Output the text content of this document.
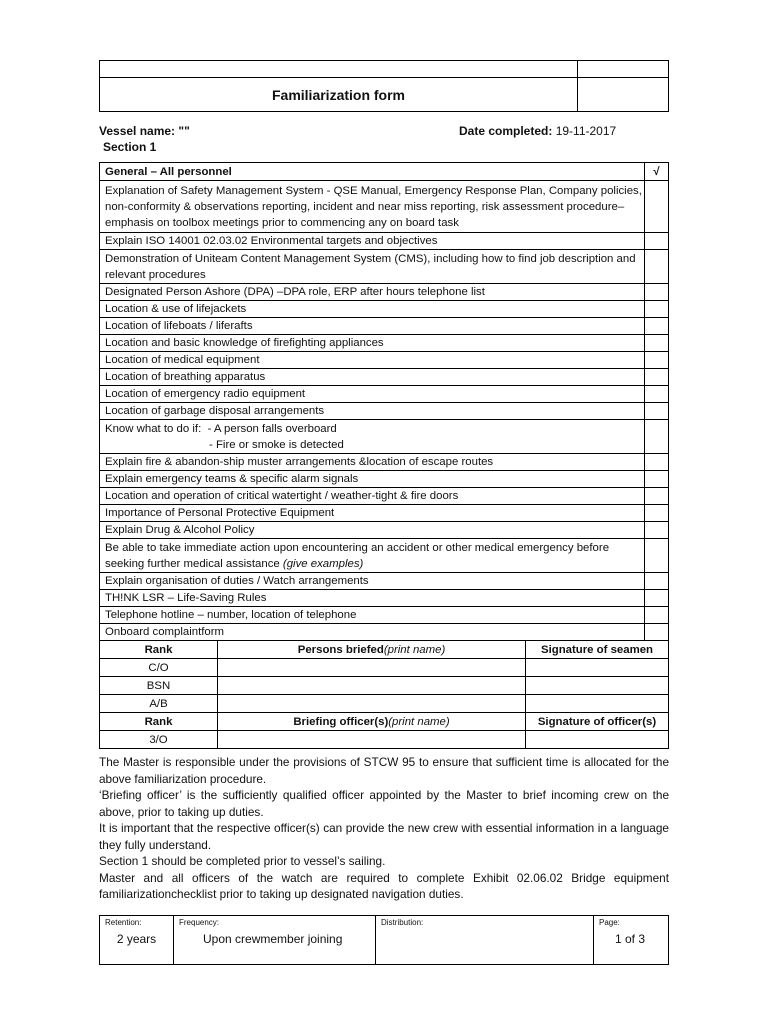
Familiarization form	
Vessel name: ""	Date completed: 19-11-2017
Section 1
General – All personnel	√
Explanation of Safety Management System - QSE Manual, Emergency Response Plan, Company policies, non-conformity & observations reporting, incident and near miss reporting, risk assessment procedure– emphasis on toolbox meetings prior to commencing any on board task	
Explain ISO 14001 02.03.02 Environmental targets and objectives	
Demonstration of Uniteam Content Management System (CMS), including how to find job description and relevant procedures	
Designated Person Ashore (DPA) –DPA role, ERP after hours telephone list	
Location & use of lifejackets	
Location of lifeboats / liferafts	
Location and basic knowledge of firefighting appliances	
Location of medical equipment	
Location of breathing apparatus	
Location of emergency radio equipment	
Location of garbage disposal arrangements	
Know what to do if: - A person falls overboard
- Fire or smoke is detected	
Explain fire & abandon-ship muster arrangements &location of escape routes	
Explain emergency teams & specific alarm signals	
Location and operation of critical watertight / weather-tight & fire doors	
Importance of Personal Protective Equipment	
Explain Drug & Alcohol Policy	
Be able to take immediate action upon encountering an accident or other medical emergency before seeking further medical assistance (give examples)	
Explain organisation of duties / Watch arrangements	
TH!NK LSR – Life-Saving Rules	
Telephone hotline – number, location of telephone	
Onboard complaintform	
Rank	Persons briefed(print name)	Signature of seamen
C/O		
BSN		
A/B		
Rank	Briefing officer(s)(print name)	Signature of officer(s)
3/O		

The Master is responsible under the provisions of STCW 95 to ensure that sufficient time is allocated for the above familiarization procedure.

‘Briefing officer’ is the sufficiently qualified officer appointed by the Master to brief incoming crew on the above, prior to taking up duties.

It is important that the respective officer(s) can provide the new crew with essential information in a language they fully understand.

Section 1 should be completed prior to vessel’s sailing.

Master and all officers of the watch are required to complete Exhibit 02.06.02 Bridge equipment familiarizationchecklist prior to taking up designated navigation duties.

Retention:
2 years

Frequency:
Upon crewmember joining

Distribution:	Page:
1 of 3
